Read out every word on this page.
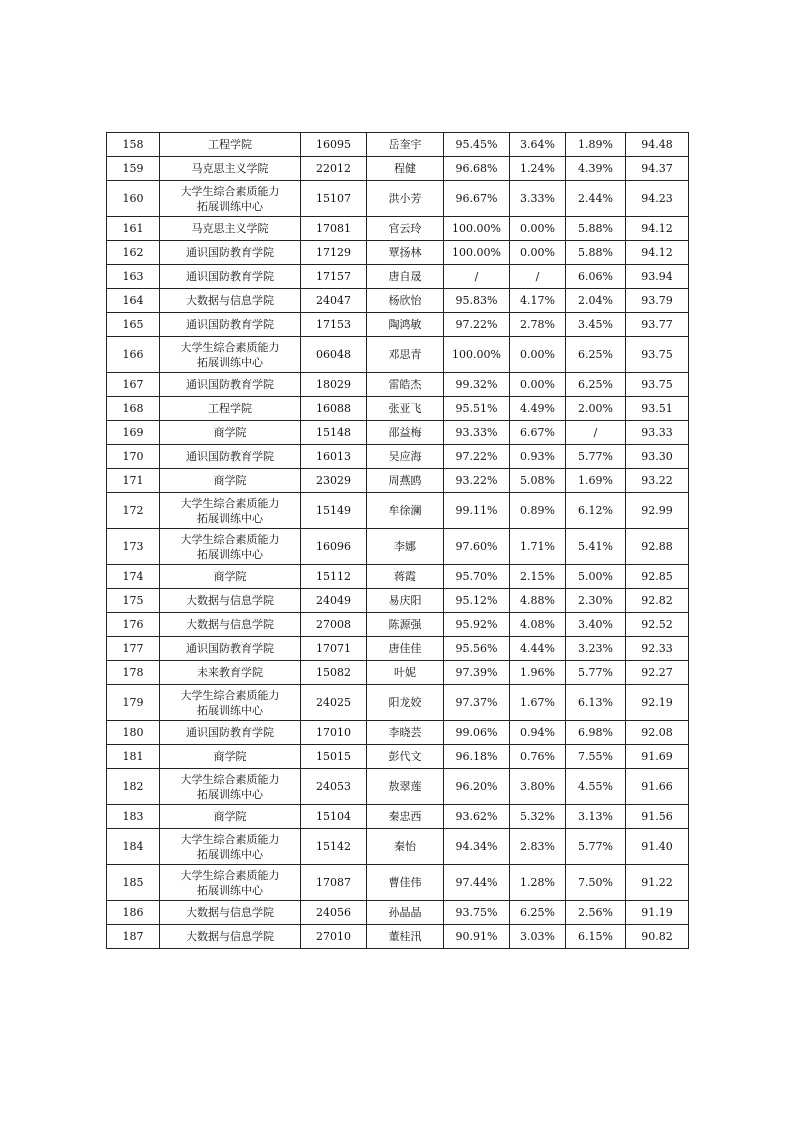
158	工程学院	16095	岳奎宇	95.45%	3.64%	1.89%	94.48
159	马克思主义学院	22012	程健	96.68%	1.24%	4.39%	94.37
160	大学生综合素质能力
拓展训练中心	15107	洪小芳	96.67%	3.33%	2.44%	94.23
161	马克思主义学院	17081	官云玲	100.00%	0.00%	5.88%	94.12
162	通识国防教育学院	17129	覃扬林	100.00%	0.00%	5.88%	94.12
163	通识国防教育学院	17157	唐自晟	/	/	6.06%	93.94
164	大数据与信息学院	24047	杨欣怡	95.83%	4.17%	2.04%	93.79
165	通识国防教育学院	17153	陶鸿敏	97.22%	2.78%	3.45%	93.77
166	大学生综合素质能力
拓展训练中心	06048	邓思青	100.00%	0.00%	6.25%	93.75
167	通识国防教育学院	18029	雷皓杰	99.32%	0.00%	6.25%	93.75
168	工程学院	16088	张亚飞	95.51%	4.49%	2.00%	93.51
169	商学院	15148	邵益梅	93.33%	6.67%	/	93.33
170	通识国防教育学院	16013	吴应海	97.22%	0.93%	5.77%	93.30
171	商学院	23029	周燕鸥	93.22%	5.08%	1.69%	93.22
172	大学生综合素质能力
拓展训练中心	15149	牟徐澜	99.11%	0.89%	6.12%	92.99
173	大学生综合素质能力
拓展训练中心	16096	李娜	97.60%	1.71%	5.41%	92.88
174	商学院	15112	蒋霞	95.70%	2.15%	5.00%	92.85
175	大数据与信息学院	24049	易庆阳	95.12%	4.88%	2.30%	92.82
176	大数据与信息学院	27008	陈源强	95.92%	4.08%	3.40%	92.52
177	通识国防教育学院	17071	唐佳佳	95.56%	4.44%	3.23%	92.33
178	未来教育学院	15082	叶妮	97.39%	1.96%	5.77%	92.27
179	大学生综合素质能力
拓展训练中心	24025	阳龙姣	97.37%	1.67%	6.13%	92.19
180	通识国防教育学院	17010	李晓芸	99.06%	0.94%	6.98%	92.08
181	商学院	15015	彭代文	96.18%	0.76%	7.55%	91.69
182	大学生综合素质能力
拓展训练中心	24053	敖翠莲	96.20%	3.80%	4.55%	91.66
183	商学院	15104	秦忠西	93.62%	5.32%	3.13%	91.56
184	大学生综合素质能力
拓展训练中心	15142	秦怡	94.34%	2.83%	5.77%	91.40
185	大学生综合素质能力
拓展训练中心	17087	曹佳伟	97.44%	1.28%	7.50%	91.22
186	大数据与信息学院	24056	孙晶晶	93.75%	6.25%	2.56%	91.19
187	大数据与信息学院	27010	董桂汛	90.91%	3.03%	6.15%	90.82
